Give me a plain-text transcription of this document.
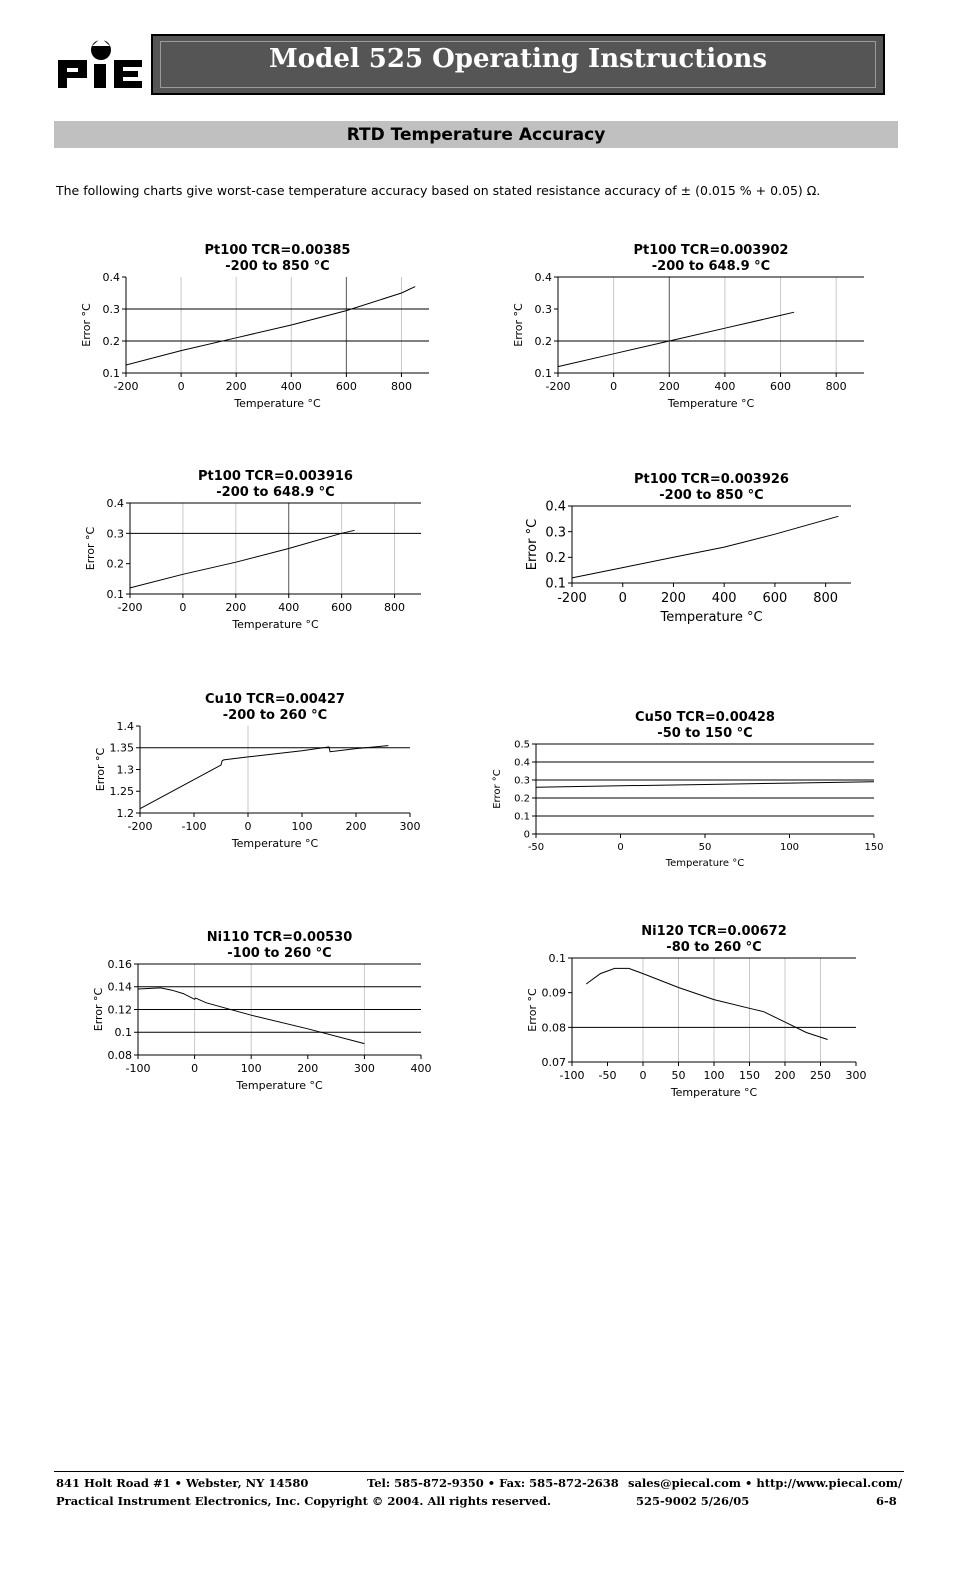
Model 525 Operating Instructions
RTD Temperature Accuracy
The following charts give worst-case temperature accuracy based on stated resistance accuracy of ± (0.015 % + 0.05) Ω.
Pt100 TCR=0.00385
-200 to 850 °C
-200	0	200	400	600	800
0.1
0.2
0.3
0.4
Temperature °C
Error °C
Pt100 TCR=0.003902
-200 to 648.9 °C
-200	0	200	400	600	800
0.1
0.2
0.3
0.4
Temperature °C
Error °C
Pt100 TCR=0.003916
-200 to 648.9 °C
-200	0	200	400	600	800
0.1
0.2
0.3
0.4
Temperature °C
Error °C
Pt100 TCR=0.003926
-200 to 850 °C
-200 0	200 400 600 800
0.1
0.2
0.3
0.4
Temperature °C
Error °C
Cu10 TCR=0.00427
-200 to 260 °C
-200	-100	0	100	200	300
1.2
1.25
1.3
1.35
1.4
Temperature °C
Error °C
Cu50 TCR=0.00428
-50 to 150 °C
-50	0	50	100	150
0
0.1
0.2
0.3
0.4
0.5
Temperature °C
Error °C
Ni110 TCR=0.00530
-100 to 260 °C
-100	0	100	200	300	400
0.08
0.1
0.12
0.14
0.16
Temperature °C
Error °C
Ni120 TCR=0.00672
-80 to 260 °C
-100 -50 0 50 100 150 200 250 300
0.07
0.08
0.09
0.1
Temperature °C
Error °C
841 Holt Road #1 • Webster, NY 14580	Tel: 585-872-9350 • Fax: 585-872-2638 sales@piecal.com • http://www.piecal.com/
Practical Instrument Electronics, Inc. Copyright © 2004. All rights reserved.	525-9002 5/26/05	6-8
